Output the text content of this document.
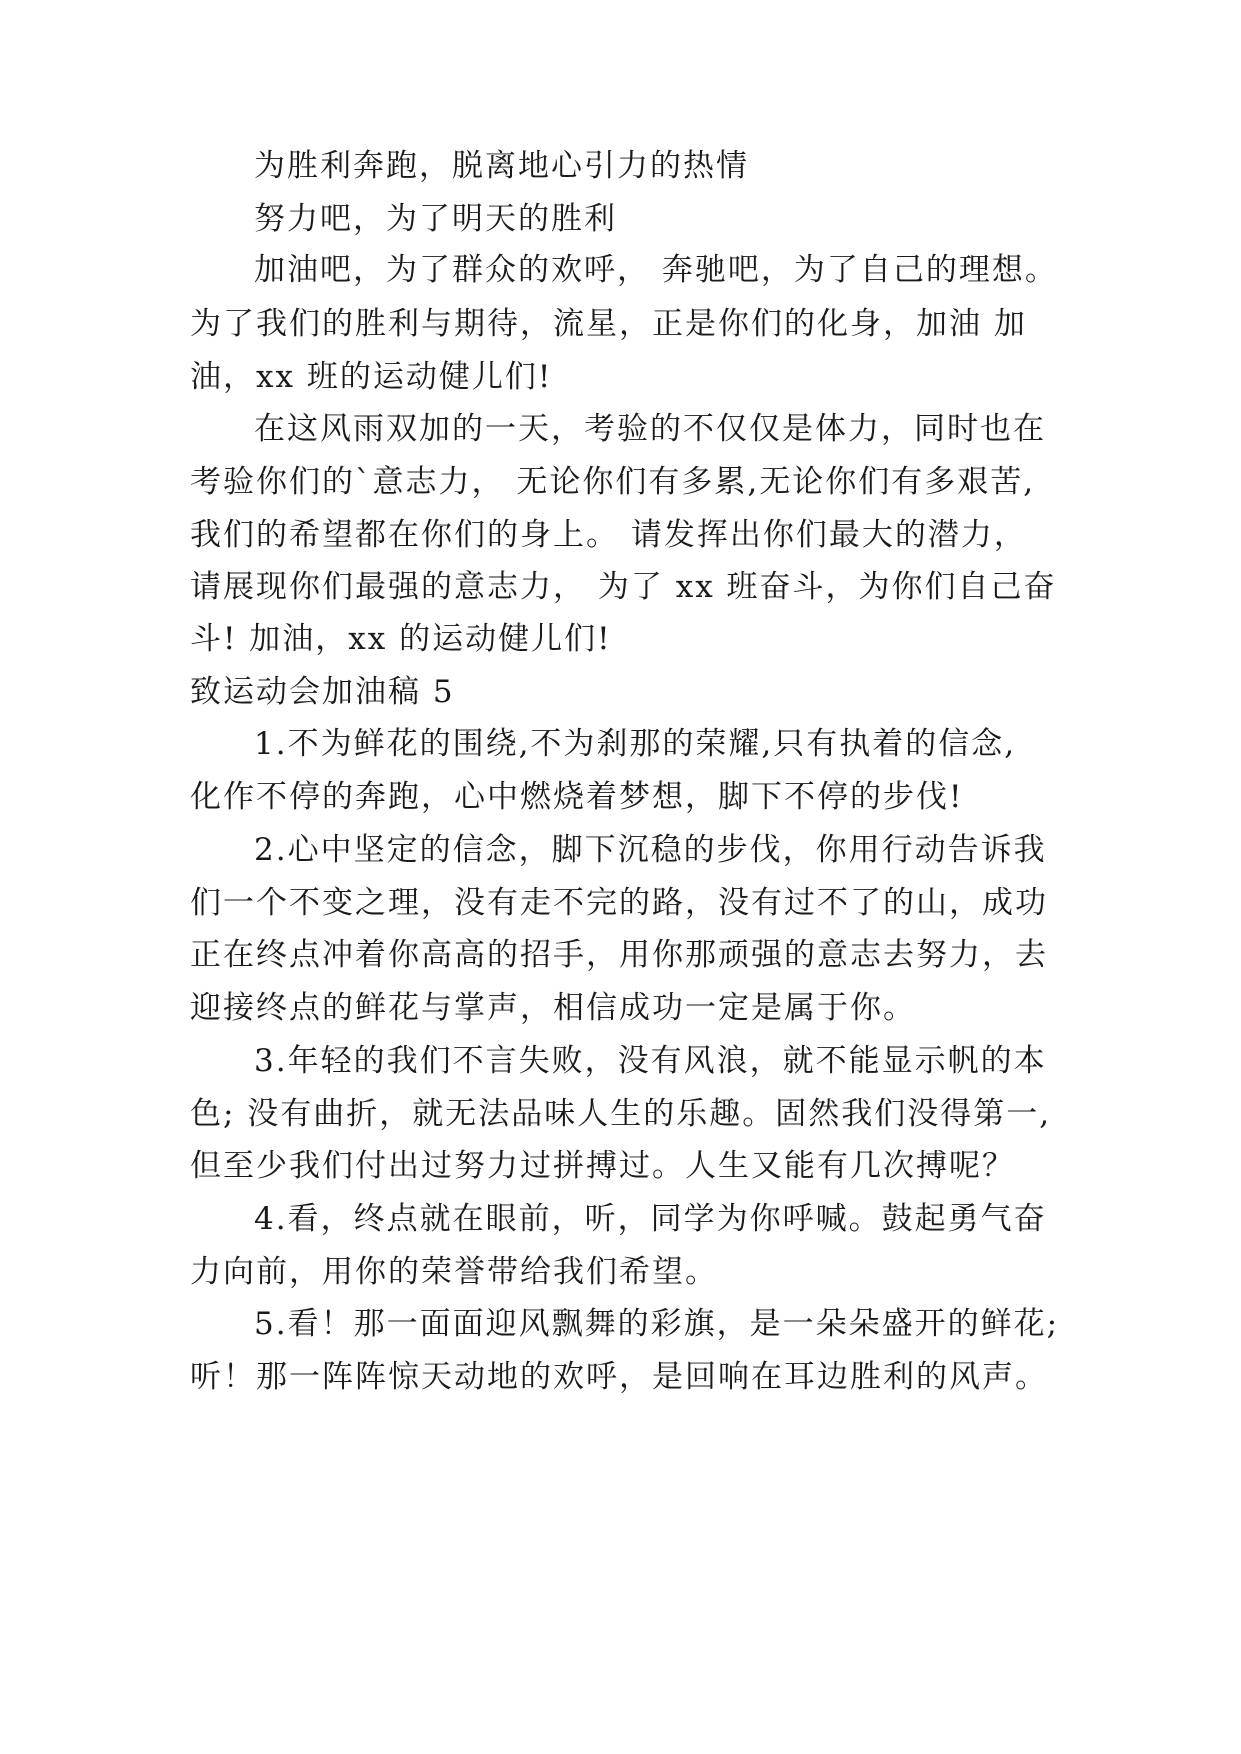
为胜利奔跑，脱离地心引力的热情
努力吧，为了明天的胜利
加油吧，为了群众的欢呼， 奔驰吧，为了自己的理想。
为了我们的胜利与期待，流星，正是你们的化身，加油 加
油，xx 班的运动健儿们!
在这风雨双加的一天，考验的不仅仅是体力，同时也在
考验你们的`意志力， 无论你们有多累,无论你们有多艰苦,
我们的希望都在你们的身上。 请发挥出你们最大的潜力，
请展现你们最强的意志力， 为了 xx 班奋斗，为你们自己奋
斗! 加油，xx 的运动健儿们!
致运动会加油稿 5
1.不为鲜花的围绕,不为刹那的荣耀,只有执着的信念,
化作不停的奔跑，心中燃烧着梦想，脚下不停的步伐!
2.心中坚定的信念，脚下沉稳的步伐，你用行动告诉我
们一个不变之理，没有走不完的路，没有过不了的山，成功
正在终点冲着你高高的招手，用你那顽强的意志去努力，去
迎接终点的鲜花与掌声，相信成功一定是属于你。
3.年轻的我们不言失败，没有风浪，就不能显示帆的本
色; 没有曲折，就无法品味人生的乐趣。固然我们没得第一,
但至少我们付出过努力过拼搏过。人生又能有几次搏呢？
4.看，终点就在眼前，听，同学为你呼喊。鼓起勇气奋
力向前，用你的荣誉带给我们希望。
5.看！那一面面迎风飘舞的彩旗，是一朵朵盛开的鲜花;
听！那一阵阵惊天动地的欢呼，是回响在耳边胜利的风声。
